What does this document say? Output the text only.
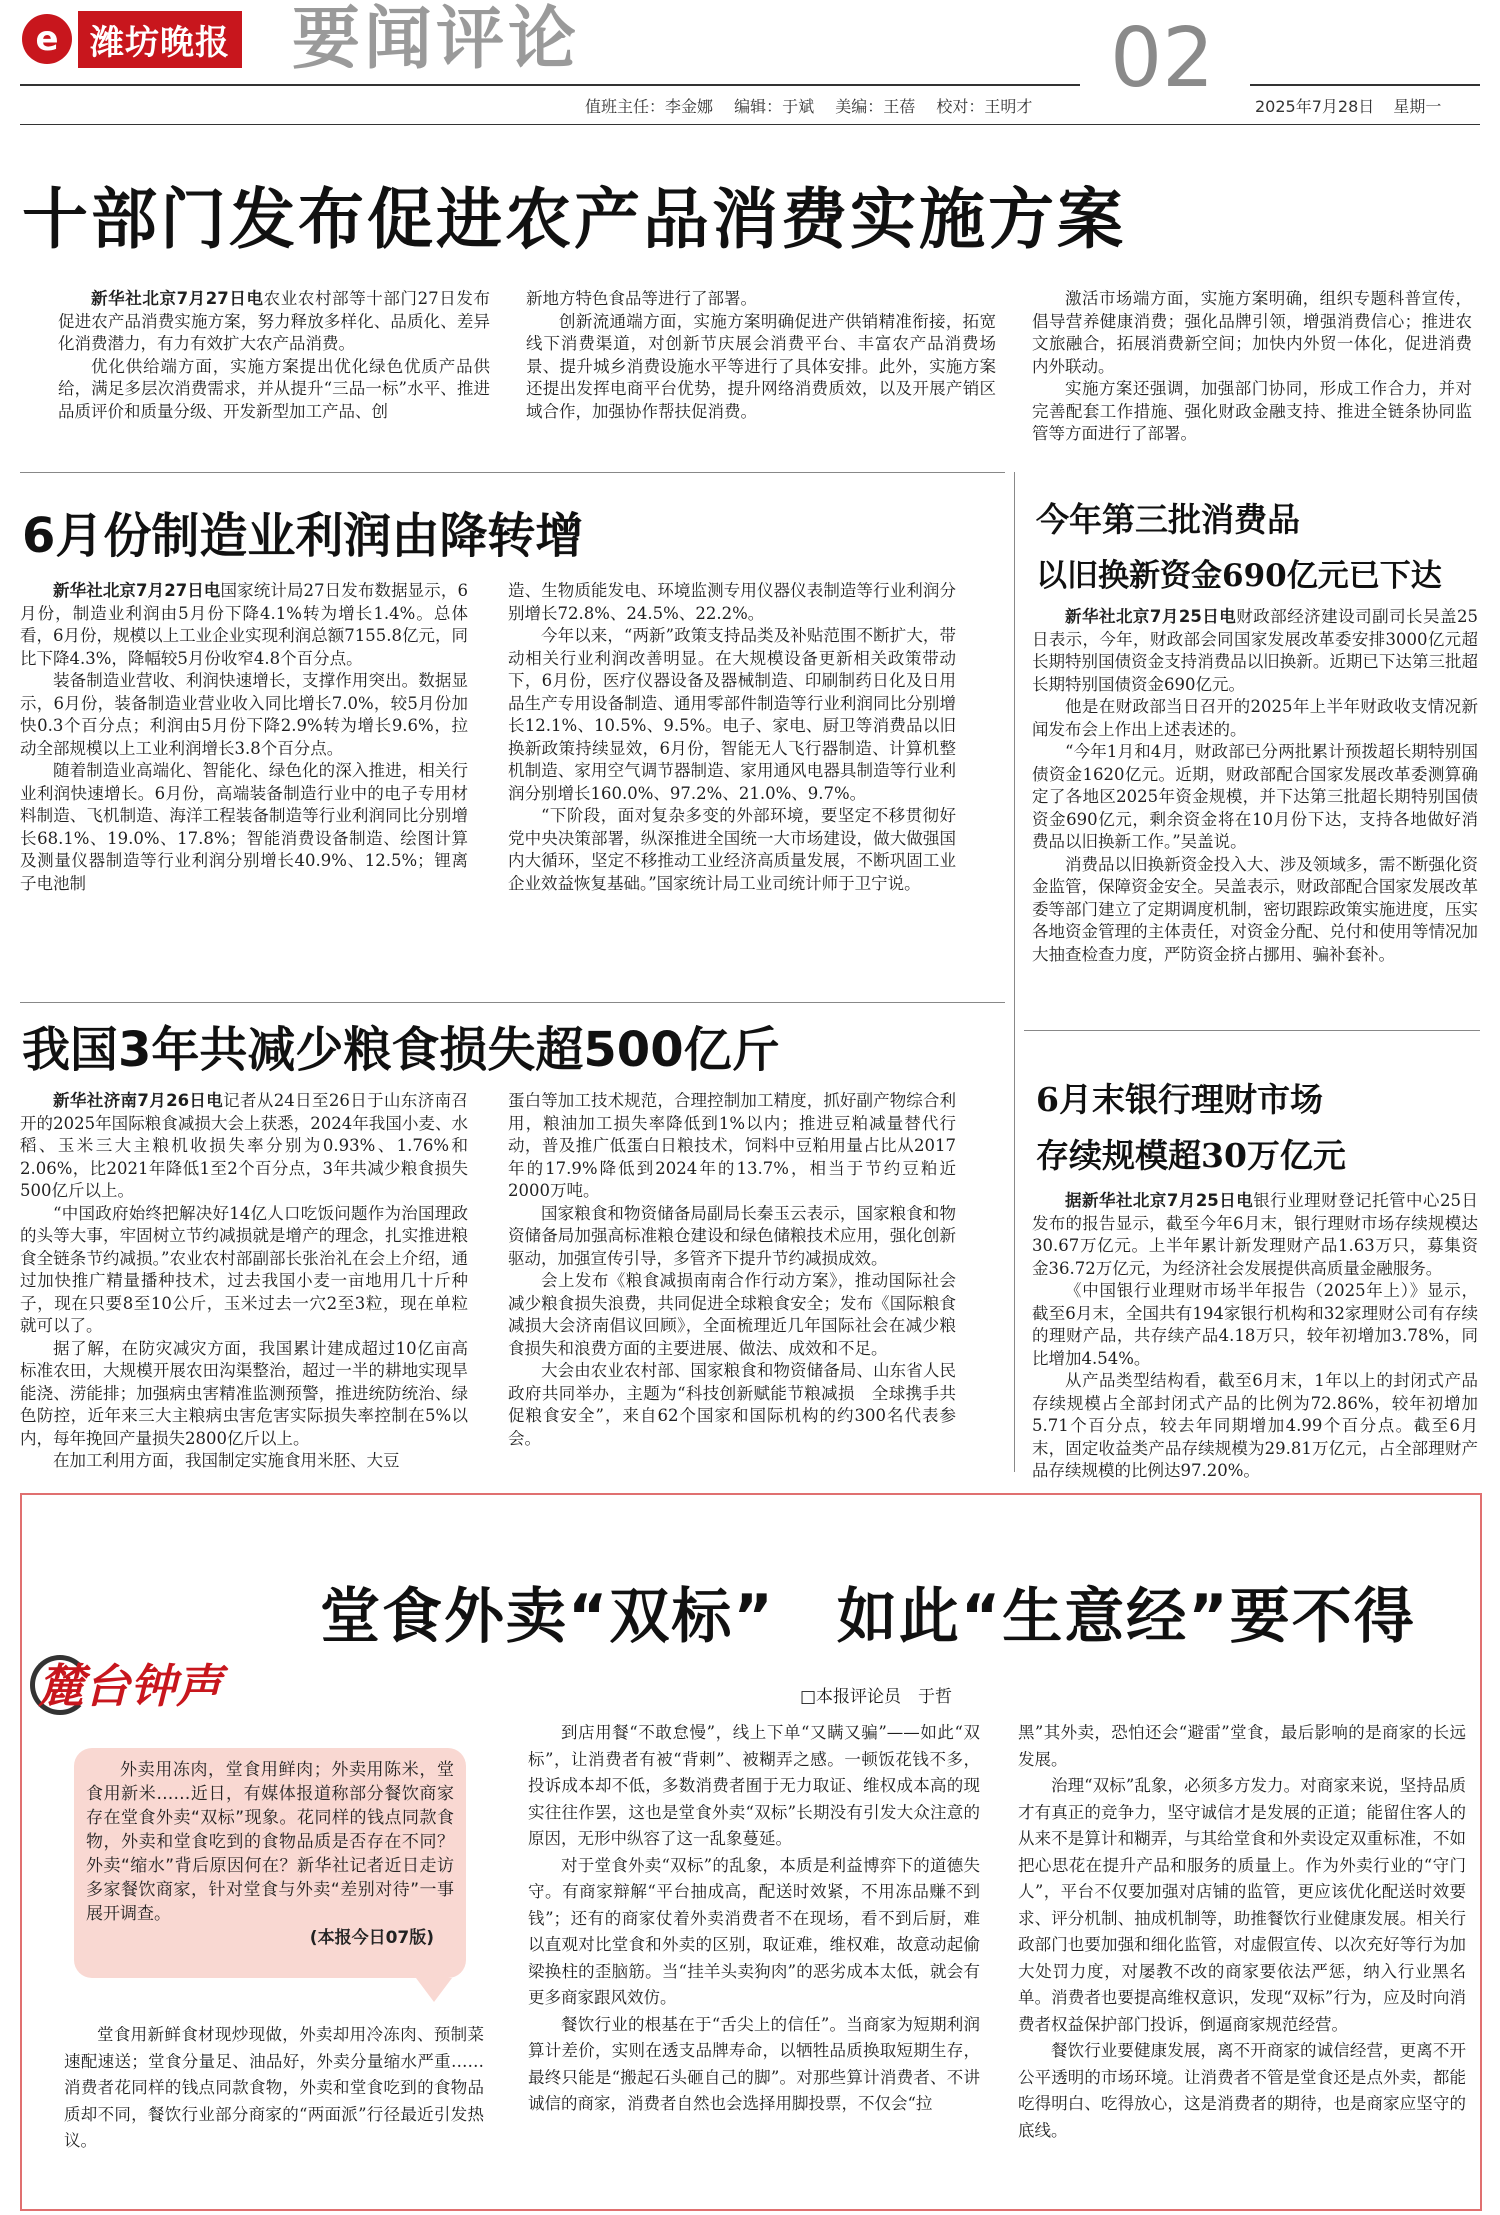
e 潍坊晚报 要闻评论	02
值班主任：李金娜 编辑：于斌 美编：王蓓 校对：王明才	2025年7月28日 星期一
十部门发布促进农产品消费实施方案

新华社北京7月27日电农业农村部等十部门27日发布促进农产品消费实施方案，努力释放多样化、品质化、差异化消费潜力，有力有效扩大农产品消费。

优化供给端方面，实施方案提出优化绿色优质产品供给，满足多层次消费需求，并从提升“三品一标”水平、推进品质评价和质量分级、开发新型加工产品、创

新地方特色食品等进行了部署。

创新流通端方面，实施方案明确促进产供销精准衔接，拓宽线下消费渠道，对创新节庆展会消费平台、丰富农产品消费场景、提升城乡消费设施水平等进行了具体安排。此外，实施方案还提出发挥电商平台优势，提升网络消费质效，以及开展产销区域合作，加强协作帮扶促消费。

激活市场端方面，实施方案明确，组织专题科普宣传，倡导营养健康消费；强化品牌引领，增强消费信心；推进农文旅融合，拓展消费新空间；加快内外贸一体化，促进消费内外联动。

实施方案还强调，加强部门协同，形成工作合力，并对完善配套工作措施、强化财政金融支持、推进全链条协同监管等方面进行了部署。

6月份制造业利润由降转增

新华社北京7月27日电国家统计局27日发布数据显示，6月份，制造业利润由5月份下降4.1%转为增长1.4%。总体看，6月份，规模以上工业企业实现利润总额7155.8亿元，同比下降4.3%，降幅较5月份收窄4.8个百分点。

装备制造业营收、利润快速增长，支撑作用突出。数据显示，6月份，装备制造业营业收入同比增长7.0%，较5月份加快0.3个百分点；利润由5月份下降2.9%转为增长9.6%，拉动全部规模以上工业利润增长3.8个百分点。

随着制造业高端化、智能化、绿色化的深入推进，相关行业利润快速增长。6月份，高端装备制造行业中的电子专用材料制造、飞机制造、海洋工程装备制造等行业利润同比分别增长68.1%、19.0%、17.8%；智能消费设备制造、绘图计算及测量仪器制造等行业利润分别增长40.9%、12.5%；锂离子电池制

造、生物质能发电、环境监测专用仪器仪表制造等行业利润分别增长72.8%、24.5%、22.2%。

今年以来，“两新”政策支持品类及补贴范围不断扩大，带动相关行业利润改善明显。在大规模设备更新相关政策带动下，6月份，医疗仪器设备及器械制造、印刷制药日化及日用品生产专用设备制造、通用零部件制造等行业利润同比分别增长12.1%、10.5%、9.5%。电子、家电、厨卫等消费品以旧换新政策持续显效，6月份，智能无人飞行器制造、计算机整机制造、家用空气调节器制造、家用通风电器具制造等行业利润分别增长160.0%、97.2%、21.0%、9.7%。

“下阶段，面对复杂多变的外部环境，要坚定不移贯彻好党中央决策部署，纵深推进全国统一大市场建设，做大做强国内大循环，坚定不移推动工业经济高质量发展，不断巩固工业企业效益恢复基础。”国家统计局工业司统计师于卫宁说。

我国3年共减少粮食损失超500亿斤

新华社济南7月26日电记者从24日至26日于山东济南召开的2025年国际粮食减损大会上获悉，2024年我国小麦、水稻、玉米三大主粮机收损失率分别为0.93%、1.76%和2.06%，比2021年降低1至2个百分点，3年共减少粮食损失500亿斤以上。

“中国政府始终把解决好14亿人口吃饭问题作为治国理政的头等大事，牢固树立节约减损就是增产的理念，扎实推进粮食全链条节约减损。”农业农村部副部长张治礼在会上介绍，通过加快推广精量播种技术，过去我国小麦一亩地用几十斤种子，现在只要8至10公斤，玉米过去一穴2至3粒，现在单粒就可以了。

据了解，在防灾减灾方面，我国累计建成超过10亿亩高标准农田，大规模开展农田沟渠整治，超过一半的耕地实现旱能浇、涝能排；加强病虫害精准监测预警，推进统防统治、绿色防控，近年来三大主粮病虫害危害实际损失率控制在5%以内，每年挽回产量损失2800亿斤以上。

在加工利用方面，我国制定实施食用米胚、大豆

蛋白等加工技术规范，合理控制加工精度，抓好副产物综合利用，粮油加工损失率降低到1%以内；推进豆粕减量替代行动，普及推广低蛋白日粮技术，饲料中豆粕用量占比从2017年的17.9%降低到2024年的13.7%，相当于节约豆粕近2000万吨。

国家粮食和物资储备局副局长秦玉云表示，国家粮食和物资储备局加强高标准粮仓建设和绿色储粮技术应用，强化创新驱动，加强宣传引导，多管齐下提升节约减损成效。

会上发布《粮食减损南南合作行动方案》，推动国际社会减少粮食损失浪费，共同促进全球粮食安全；发布《国际粮食减损大会济南倡议回顾》，全面梳理近几年国际社会在减少粮食损失和浪费方面的主要进展、做法、成效和不足。

大会由农业农村部、国家粮食和物资储备局、山东省人民政府共同举办，主题为“科技创新赋能节粮减损　全球携手共促粮食安全”，来自62个国家和国际机构的约300名代表参会。

今年第三批消费品
以旧换新资金690亿元已下达

新华社北京7月25日电财政部经济建设司副司长吴盖25日表示，今年，财政部会同国家发展改革委安排3000亿元超长期特别国债资金支持消费品以旧换新。近期已下达第三批超长期特别国债资金690亿元。

他是在财政部当日召开的2025年上半年财政收支情况新闻发布会上作出上述表述的。

“今年1月和4月，财政部已分两批累计预拨超长期特别国债资金1620亿元。近期，财政部配合国家发展改革委测算确定了各地区2025年资金规模，并下达第三批超长期特别国债资金690亿元，剩余资金将在10月份下达，支持各地做好消费品以旧换新工作。”吴盖说。

消费品以旧换新资金投入大、涉及领域多，需不断强化资金监管，保障资金安全。吴盖表示，财政部配合国家发展改革委等部门建立了定期调度机制，密切跟踪政策实施进度，压实各地资金管理的主体责任，对资金分配、兑付和使用等情况加大抽查检查力度，严防资金挤占挪用、骗补套补。

6月末银行理财市场
存续规模超30万亿元

据新华社北京7月25日电银行业理财登记托管中心25日发布的报告显示，截至今年6月末，银行理财市场存续规模达30.67万亿元。上半年累计新发理财产品1.63万只，募集资金36.72万亿元，为经济社会发展提供高质量金融服务。

《中国银行业理财市场半年报告（2025年上）》显示，截至6月末，全国共有194家银行机构和32家理财公司有存续的理财产品，共存续产品4.18万只，较年初增加3.78%，同比增加4.54%。

从产品类型结构看，截至6月末，1年以上的封闭式产品存续规模占全部封闭式产品的比例为72.86%，较年初增加5.71个百分点，较去年同期增加4.99个百分点。截至6月末，固定收益类产品存续规模为29.81万亿元，占全部理财产品存续规模的比例达97.20%。

麓台钟声
堂食外卖“双标”　如此“生意经”要不得
□本报评论员　于哲

外卖用冻肉，堂食用鲜肉；外卖用陈米，堂食用新米……近日，有媒体报道称部分餐饮商家存在堂食外卖“双标”现象。花同样的钱点同款食物，外卖和堂食吃到的食物品质是否存在不同？外卖“缩水”背后原因何在？新华社记者近日走访多家餐饮商家，针对堂食与外卖“差别对待”一事展开调查。

(本报今日07版)

堂食用新鲜食材现炒现做，外卖却用冷冻肉、预制菜速配速送；堂食分量足、油品好，外卖分量缩水严重……消费者花同样的钱点同款食物，外卖和堂食吃到的食物品质却不同，餐饮行业部分商家的“两面派”行径最近引发热议。

到店用餐“不敢怠慢”，线上下单“又瞒又骗”——如此“双标”，让消费者有被“背刺”、被糊弄之感。一顿饭花钱不多，投诉成本却不低，多数消费者囿于无力取证、维权成本高的现实往往作罢，这也是堂食外卖“双标”长期没有引发大众注意的原因，无形中纵容了这一乱象蔓延。

对于堂食外卖“双标”的乱象，本质是利益博弈下的道德失守。有商家辩解“平台抽成高，配送时效紧，不用冻品赚不到钱”；还有的商家仗着外卖消费者不在现场，看不到后厨，难以直观对比堂食和外卖的区别，取证难，维权难，故意动起偷梁换柱的歪脑筋。当“挂羊头卖狗肉”的恶劣成本太低，就会有更多商家跟风效仿。

餐饮行业的根基在于“舌尖上的信任”。当商家为短期利润算计差价，实则在透支品牌寿命，以牺牲品质换取短期生存，最终只能是“搬起石头砸自己的脚”。对那些算计消费者、不讲诚信的商家，消费者自然也会选择用脚投票，不仅会“拉

黑”其外卖，恐怕还会“避雷”堂食，最后影响的是商家的长远发展。

治理“双标”乱象，必须多方发力。对商家来说，坚持品质才有真正的竞争力，坚守诚信才是发展的正道；能留住客人的从来不是算计和糊弄，与其给堂食和外卖设定双重标准，不如把心思花在提升产品和服务的质量上。作为外卖行业的“守门人”，平台不仅要加强对店铺的监管，更应该优化配送时效要求、评分机制、抽成机制等，助推餐饮行业健康发展。相关行政部门也要加强和细化监管，对虚假宣传、以次充好等行为加大处罚力度，对屡教不改的商家要依法严惩，纳入行业黑名单。消费者也要提高维权意识，发现“双标”行为，应及时向消费者权益保护部门投诉，倒逼商家规范经营。

餐饮行业要健康发展，离不开商家的诚信经营，更离不开公平透明的市场环境。让消费者不管是堂食还是点外卖，都能吃得明白、吃得放心，这是消费者的期待，也是商家应坚守的底线。
